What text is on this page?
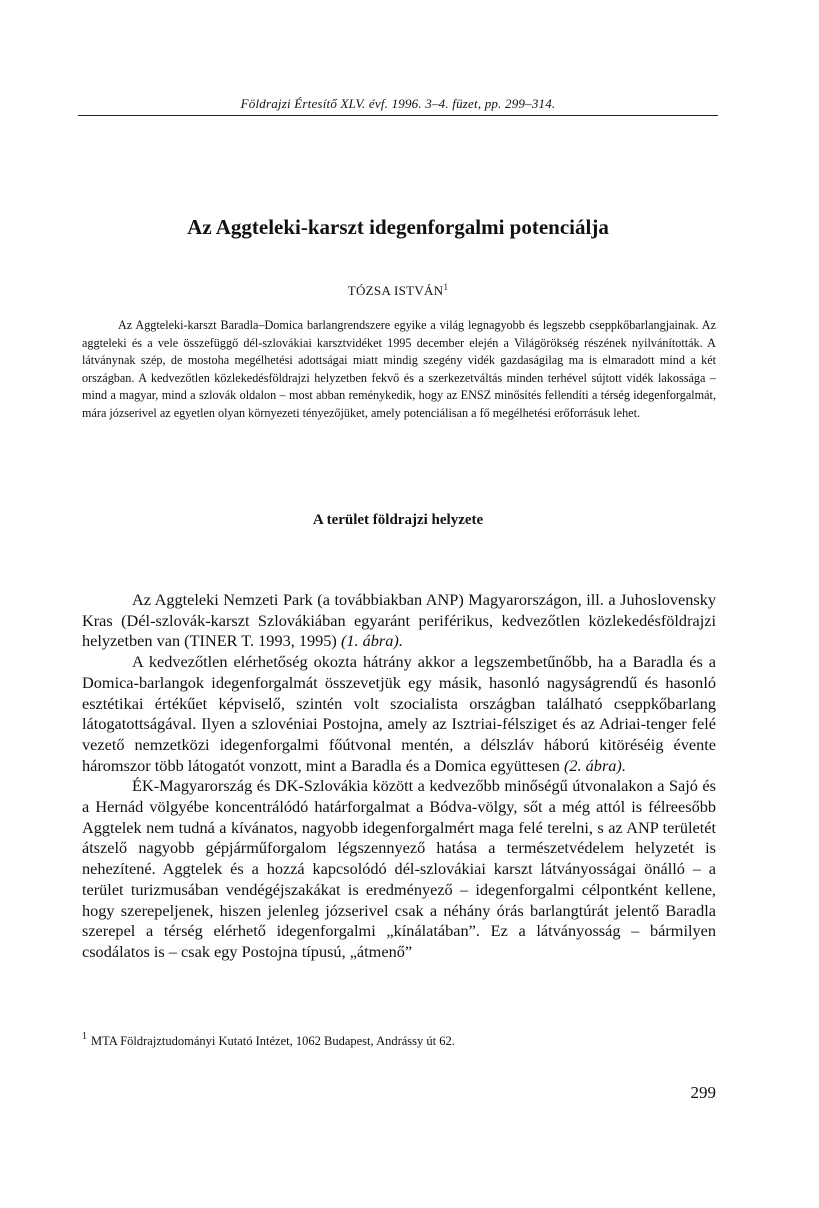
Földrajzi Értesítő XLV. évf. 1996. 3–4. füzet, pp. 299–314.
Az Aggteleki-karszt idegenforgalmi potenciálja
TÓZSA ISTVÁN$^1$

Az Aggteleki-karszt Baradla–Domica barlangrendszere egyike a világ legnagyobb és legszebb cseppkőbarlangjainak. Az aggteleki és a vele összefüggő dél-szlovákiai karsztvidéket 1995 december elején a Világörökség részének nyilvánították. A látványnak szép, de mostoha megélhetési adottságai miatt mindig szegény vidék gazdaságilag ma is elmaradott mind a két országban. A kedvezőtlen közlekedésföldrajzi helyzetben fekvő és a szerkezetváltás minden terhével sújtott vidék lakossága – mind a magyar, mind a szlovák oldalon – most abban reménykedik, hogy az ENSZ minősítés fellendíti a térség idegenforgalmát, mára józserivel az egyetlen olyan környezeti tényezőjüket, amely potenciálisan a fő megélhetési erőforrásuk lehet.

A terület földrajzi helyzete

Az Aggteleki Nemzeti Park (a továbbiakban ANP) Magyarországon, ill. a Juhoslovensky Kras (Dél-szlovák-karszt Szlovákiában egyaránt periférikus, kedvezőtlen közlekedésföldrajzi helyzetben van (TINER T. 1993, 1995) (1. ábra).

A kedvezőtlen elérhetőség okozta hátrány akkor a legszembetűnőbb, ha a Baradla és a Domica-barlangok idegenforgalmát összevetjük egy másik, hasonló nagyságrendű és hasonló esztétikai értékűet képviselő, szintén volt szocialista országban található cseppkőbarlang látogatottságával. Ilyen a szlovéniai Postojna, amely az Isztriai-félsziget és az Adriai-tenger felé vezető nemzetközi idegenforgalmi főútvonal mentén, a délszláv háború kitöréséig évente háromszor több látogatót vonzott, mint a Baradla és a Domica együttesen (2. ábra).

ÉK-Magyarország és DK-Szlovákia között a kedvezőbb minőségű útvonalakon a Sajó és a Hernád völgyébe koncentrálódó határforgalmat a Bódva-völgy, sőt a még attól is félreesőbb Aggtelek nem tudná a kívánatos, nagyobb idegenforgalmért maga felé terelni, s az ANP területét átszelő nagyobb gépjárműforgalom légszennyező hatása a természetvédelem helyzetét is nehezítené. Aggtelek és a hozzá kapcsolódó dél-szlovákiai karszt látványosságai önálló – a terület turizmusában vendégéjszakákat is eredményező – idegenforgalmi célpontként kellene, hogy szerepeljenek, hiszen jelenleg józserivel csak a néhány órás barlangtúrát jelentő Baradla szerepel a térség elérhető idegenforgalmi „kínálatában”. Ez a látványosság – bármilyen csodálatos is – csak egy Postojna típusú, „átmenő”

$^1$ MTA Földrajztudományi Kutató Intézet, 1062 Budapest, Andrássy út 62.
299
